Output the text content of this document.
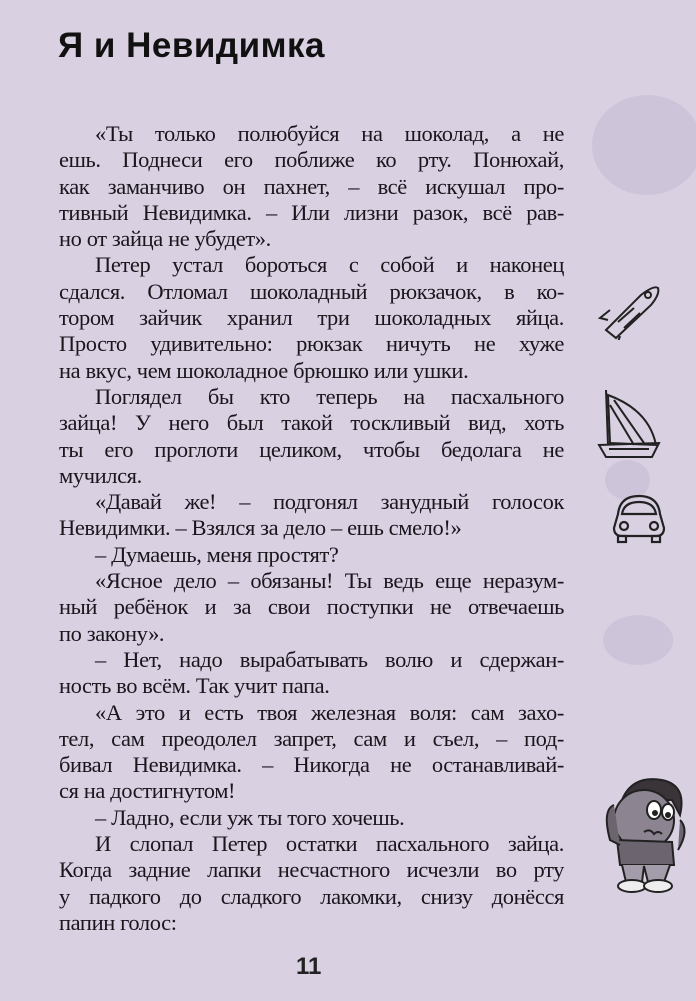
Я и Невидимка
«Ты только полюбуйся на шоколад, а не
ешь. Поднеси его поближе ко рту. Понюхай,
как заманчиво он пахнет, – всё искушал про-
тивный Невидимка. – Или лизни разок, всё рав-
но от зайца не убудет».
Петер устал бороться с собой и наконец
сдался. Отломал шоколадный рюкзачок, в ко-
тором зайчик хранил три шоколадных яйца.
Просто удивительно: рюкзак ничуть не хуже
на вкус, чем шоколадное брюшко или ушки.
Поглядел бы кто теперь на пасхального
зайца! У него был такой тоскливый вид, хоть
ты его проглоти целиком, чтобы бедолага не
мучился.
«Давай же! – подгонял занудный голосок
Невидимки. – Взялся за дело – ешь смело!»
– Думаешь, меня простят?
«Ясное дело – обязаны! Ты ведь еще неразум-
ный ребёнок и за свои поступки не отвечаешь
по закону».
– Нет, надо вырабатывать волю и сдержан-
ность во всём. Так учит папа.
«А это и есть твоя железная воля: сам захо-
тел, сам преодолел запрет, сам и съел, – под-
бивал Невидимка. – Никогда не останавливай-
ся на достигнутом!
– Ладно, если уж ты того хочешь.
И слопал Петер остатки пасхального зайца.
Когда задние лапки несчастного исчезли во рту
у падкого до сладкого лакомки, снизу донёсся
папин голос:
11
